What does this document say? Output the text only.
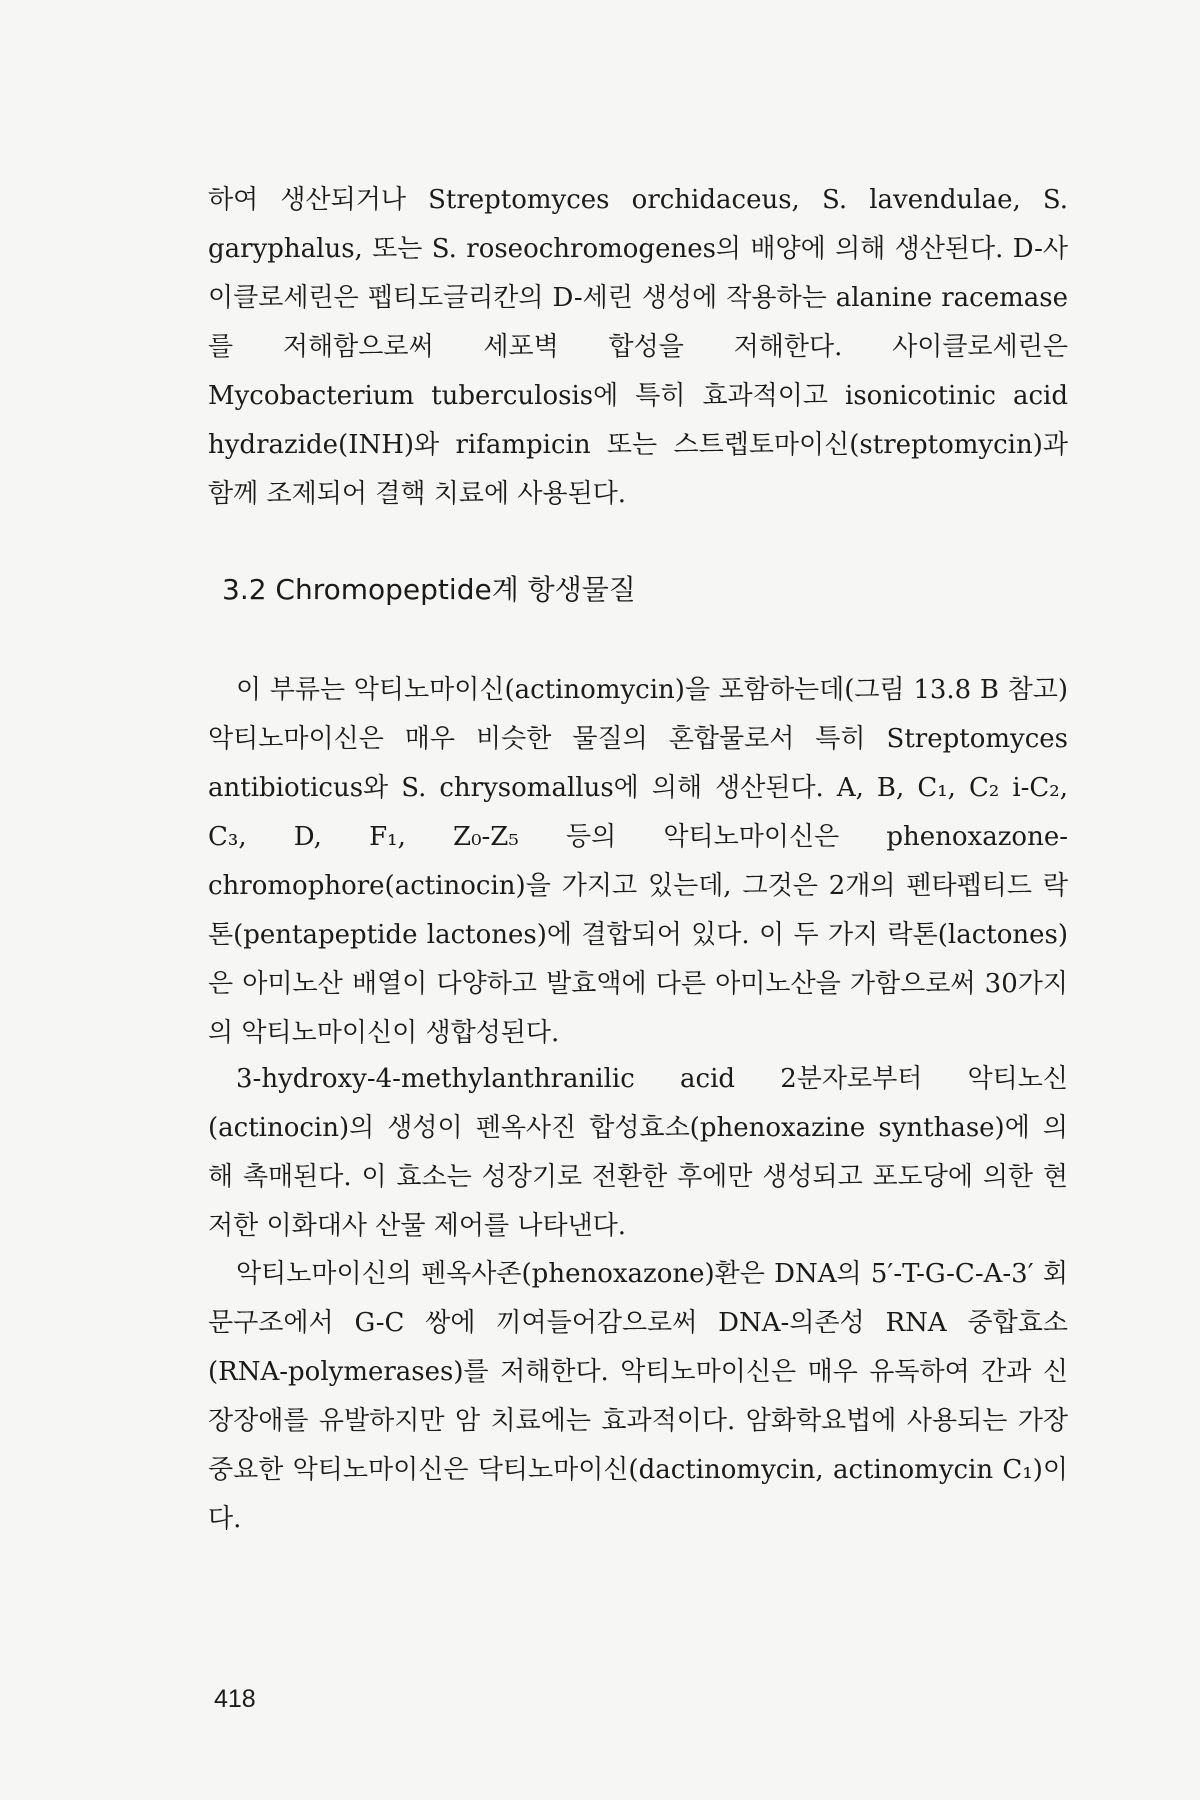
하여 생산되거나 Streptomyces orchidaceus, S. lavendulae, S. garyphalus, 또는 S. roseochromogenes의 배양에 의해 생산된다. D-사이클로세린은 펩티도글리칸의 D-세린 생성에 작용하는 alanine racemase를 저해함으로써 세포벽 합성을 저해한다. 사이클로세린은 Mycobacterium tuberculosis에 특히 효과적이고 isonicotinic acid hydrazide(INH)와 rifampicin 또는 스트렙토마이신(streptomycin)과 함께 조제되어 결핵 치료에 사용된다.

3.2 Chromopeptide계 항생물질

이 부류는 악티노마이신(actinomycin)을 포함하는데(그림 13.8 B 참고) 악티노마이신은 매우 비슷한 물질의 혼합물로서 특히 Streptomyces antibioticus와 S. chrysomallus에 의해 생산된다. A, B, C₁, C₂ i-C₂, C₃, D, F₁, Z₀-Z₅ 등의 악티노마이신은 phenoxazone-chromophore(actinocin)을 가지고 있는데, 그것은 2개의 펜타펩티드 락톤(pentapeptide lactones)에 결합되어 있다. 이 두 가지 락톤(lactones)은 아미노산 배열이 다양하고 발효액에 다른 아미노산을 가함으로써 30가지의 악티노마이신이 생합성된다.

3-hydroxy-4-methylanthranilic acid 2분자로부터 악티노신(actinocin)의 생성이 펜옥사진 합성효소(phenoxazine synthase)에 의해 촉매된다. 이 효소는 성장기로 전환한 후에만 생성되고 포도당에 의한 현저한 이화대사 산물 제어를 나타낸다.

악티노마이신의 펜옥사존(phenoxazone)환은 DNA의 5′-T-G-C-A-3′ 회문구조에서 G-C 쌍에 끼여들어감으로써 DNA-의존성 RNA 중합효소(RNA-polymerases)를 저해한다. 악티노마이신은 매우 유독하여 간과 신장장애를 유발하지만 암 치료에는 효과적이다. 암화학요법에 사용되는 가장 중요한 악티노마이신은 닥티노마이신(dactinomycin, actinomycin C₁)이다.

418
